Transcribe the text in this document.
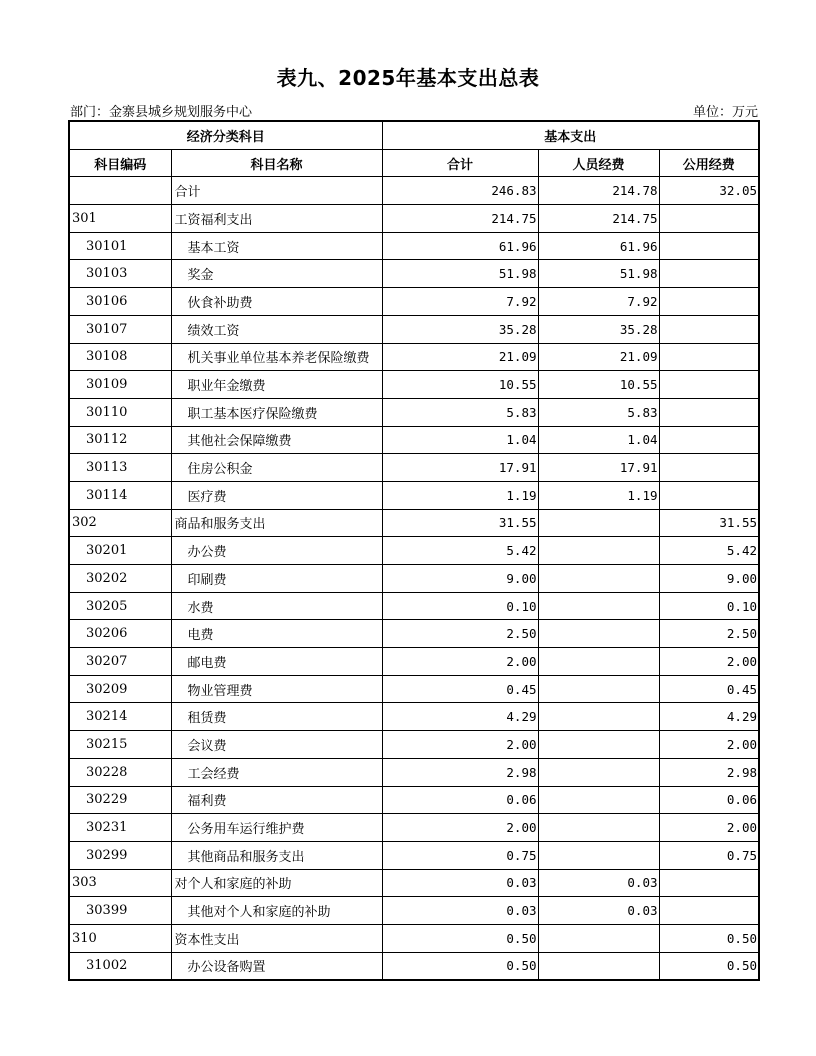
表九、2025年基本支出总表
部门：金寨县城乡规划服务中心	单位：万元
经济分类科目		基本支出		
科目编码	科目名称	合计	人员经费	公用经费
	合计	246.83	214.78	32.05
301	工资福利支出	214.75	214.75	
30101	基本工资	61.96	61.96	
30103	奖金	51.98	51.98	
30106	伙食补助费	7.92	7.92	
30107	绩效工资	35.28	35.28	
30108	机关事业单位基本养老保险缴费	21.09	21.09	
30109	职业年金缴费	10.55	10.55	
30110	职工基本医疗保险缴费	5.83	5.83	
30112	其他社会保障缴费	1.04	1.04	
30113	住房公积金	17.91	17.91	
30114	医疗费	1.19	1.19	
302	商品和服务支出	31.55		31.55
30201	办公费	5.42		5.42
30202	印刷费	9.00		9.00
30205	水费	0.10		0.10
30206	电费	2.50		2.50
30207	邮电费	2.00		2.00
30209	物业管理费	0.45		0.45
30214	租赁费	4.29		4.29
30215	会议费	2.00		2.00
30228	工会经费	2.98		2.98
30229	福利费	0.06		0.06
30231	公务用车运行维护费	2.00		2.00
30299	其他商品和服务支出	0.75		0.75
303	对个人和家庭的补助	0.03	0.03	
30399	其他对个人和家庭的补助	0.03	0.03	
310	资本性支出	0.50		0.50
31002	办公设备购置	0.50		0.50
